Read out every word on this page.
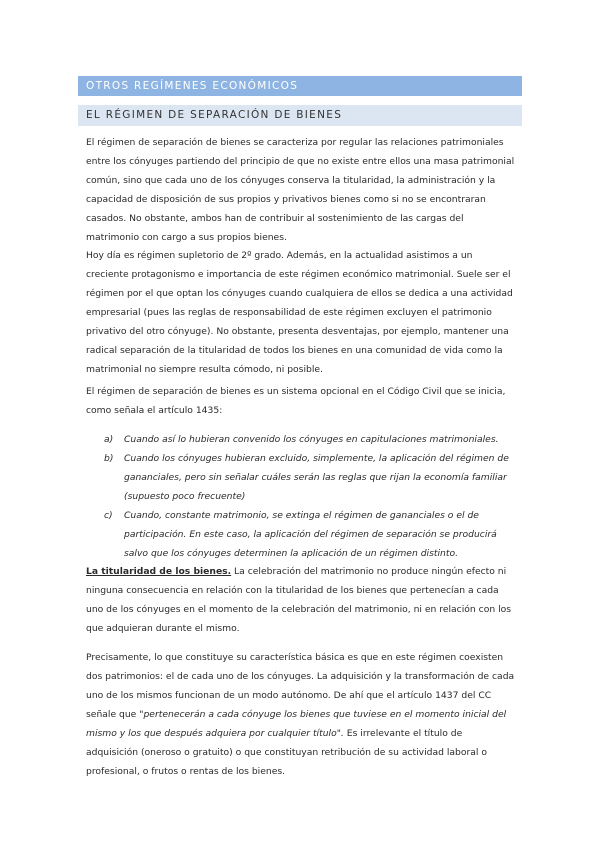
OTROS REGÍMENES ECONÓMICOS
EL RÉGIMEN DE SEPARACIÓN DE BIENES

El régimen de separación de bienes se caracteriza por regular las relaciones patrimoniales entre los cónyuges partiendo del principio de que no existe entre ellos una masa patrimonial común, sino que cada uno de los cónyuges conserva la titularidad, la administración y la capacidad de disposición de sus propios y privativos bienes como si no se encontraran casados. No obstante, ambos han de contribuir al sostenimiento de las cargas del matrimonio con cargo a sus propios bienes.

Hoy día es régimen supletorio de 2º grado. Además, en la actualidad asistimos a un creciente protagonismo e importancia de este régimen económico matrimonial. Suele ser el régimen por el que optan los cónyuges cuando cualquiera de ellos se dedica a una actividad empresarial (pues las reglas de responsabilidad de este régimen excluyen el patrimonio privativo del otro cónyuge). No obstante, presenta desventajas, por ejemplo, mantener una radical separación de la titularidad de todos los bienes en una comunidad de vida como la matrimonial no siempre resulta cómodo, ni posible.

El régimen de separación de bienes es un sistema opcional en el Código Civil que se inicia, como señala el artículo 1435:

a) Cuando así lo hubieran convenido los cónyuges en capitulaciones matrimoniales.
b) Cuando los cónyuges hubieran excluido, simplemente, la aplicación del régimen de gananciales, pero sin señalar cuáles serán las reglas que rijan la economía familiar (supuesto poco frecuente)
c) Cuando, constante matrimonio, se extinga el régimen de gananciales o el de participación. En este caso, la aplicación del régimen de separación se producirá salvo que los cónyuges determinen la aplicación de un régimen distinto.

La titularidad de los bienes. La celebración del matrimonio no produce ningún efecto ni ninguna consecuencia en relación con la titularidad de los bienes que pertenecían a cada uno de los cónyuges en el momento de la celebración del matrimonio, ni en relación con los que adquieran durante el mismo.

Precisamente, lo que constituye su característica básica es que en este régimen coexisten dos patrimonios: el de cada uno de los cónyuges. La adquisición y la transformación de cada uno de los mismos funcionan de un modo autónomo. De ahí que el artículo 1437 del CC señale que "pertenecerán a cada cónyuge los bienes que tuviese en el momento inicial del mismo y los que después adquiera por cualquier título". Es irrelevante el título de adquisición (oneroso o gratuito) o que constituyan retribución de su actividad laboral o profesional, o frutos o rentas de los bienes.
